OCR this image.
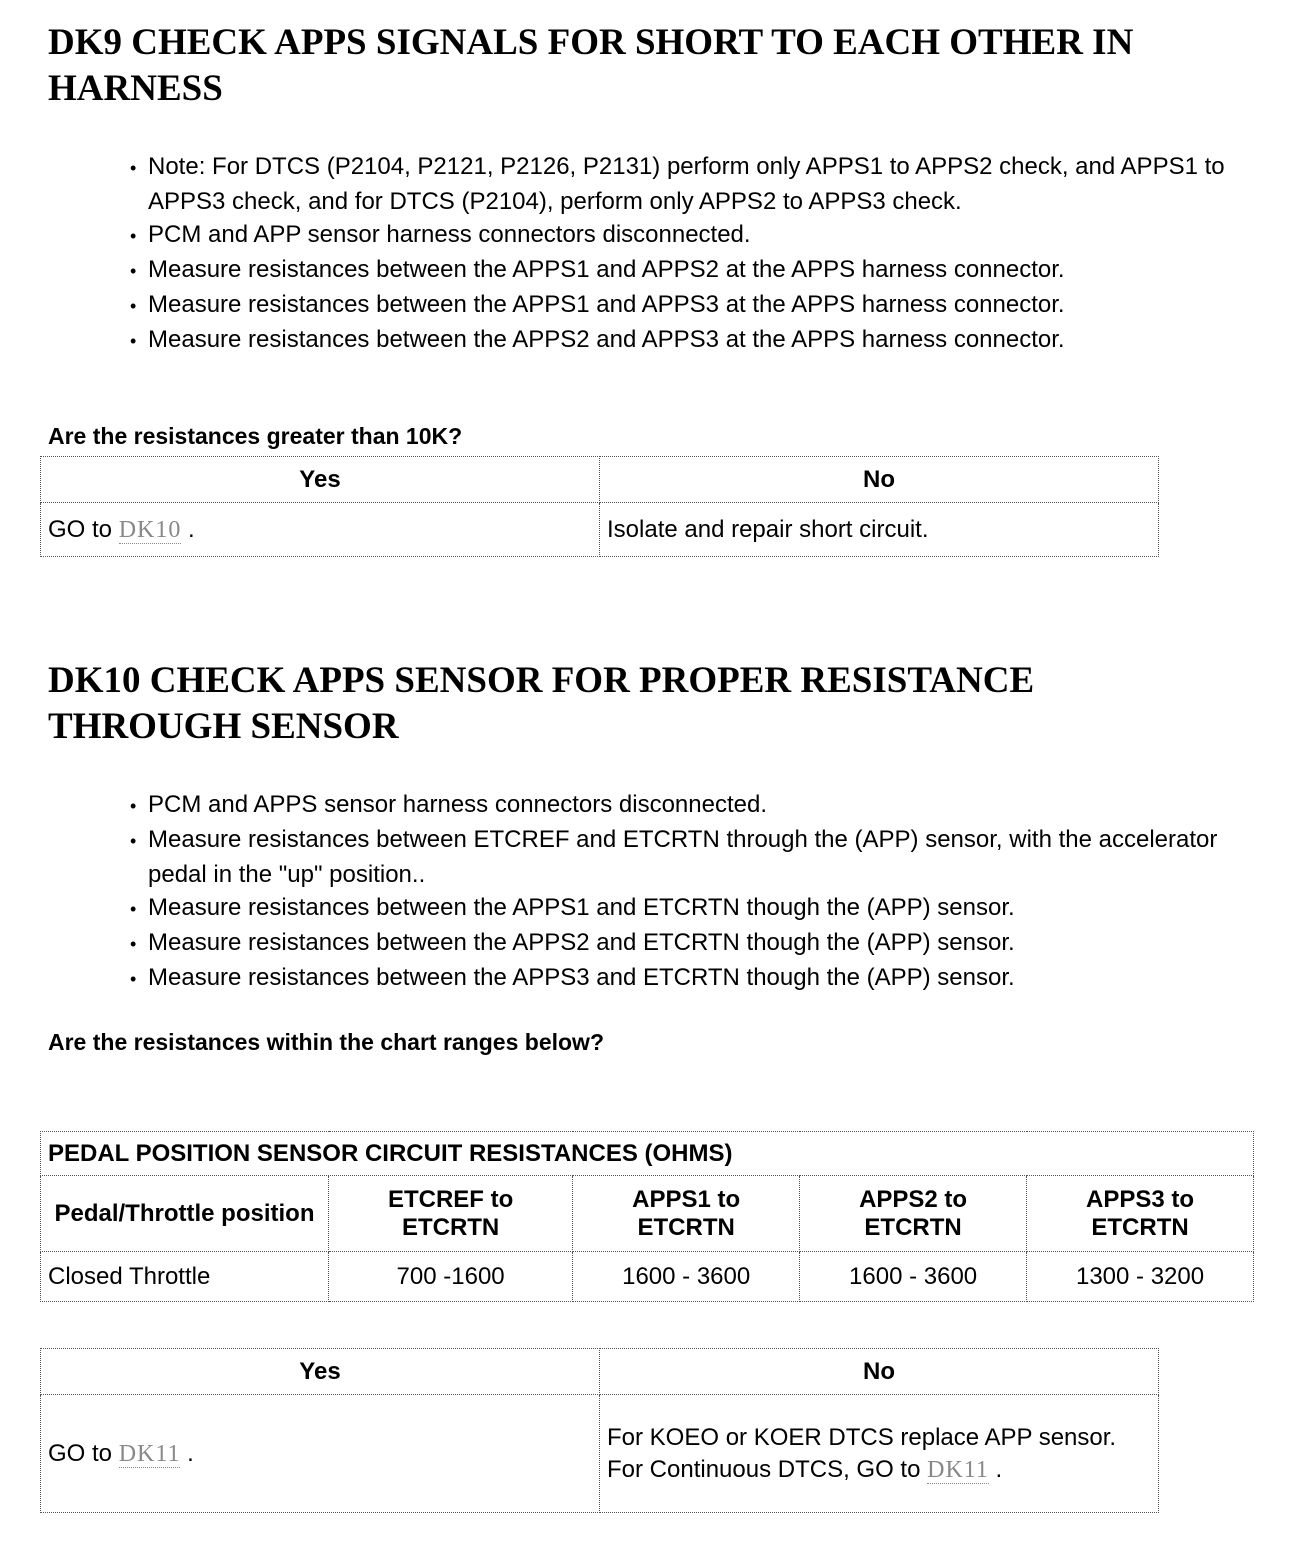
DK9 CHECK APPS SIGNALS FOR SHORT TO EACH OTHER IN HARNESS
• Note: For DTCS (P2104, P2121, P2126, P2131) perform only APPS1 to APPS2 check, and APPS1 to APPS3 check, and for DTCS (P2104), perform only APPS2 to APPS3 check.
• PCM and APP sensor harness connectors disconnected.
• Measure resistances between the APPS1 and APPS2 at the APPS harness connector.
• Measure resistances between the APPS1 and APPS3 at the APPS harness connector.
• Measure resistances between the APPS2 and APPS3 at the APPS harness connector.

Are the resistances greater than 10K?

Yes	No
GO to DK10 .	Isolate and repair short circuit.
DK10 CHECK APPS SENSOR FOR PROPER RESISTANCE THROUGH SENSOR
• PCM and APPS sensor harness connectors disconnected.
• Measure resistances between ETCREF and ETCRTN through the (APP) sensor, with the accelerator pedal in the "up" position..
• Measure resistances between the APPS1 and ETCRTN though the (APP) sensor.
• Measure resistances between the APPS2 and ETCRTN though the (APP) sensor.
• Measure resistances between the APPS3 and ETCRTN though the (APP) sensor.

Are the resistances within the chart ranges below?

PEDAL POSITION SENSOR CIRCUIT RESISTANCES (OHMS)				
Pedal/Throttle position	ETCREF to ETCRTN	APPS1 to ETCRTN	APPS2 to ETCRTN	APPS3 to ETCRTN
Closed Throttle	700 -1600	1600 - 3600	1600 - 3600	1300 - 3200
Yes	No
GO to DK11 .	For KOEO or KOER DTCS replace APP sensor. For Continuous DTCS, GO to DK11 .
